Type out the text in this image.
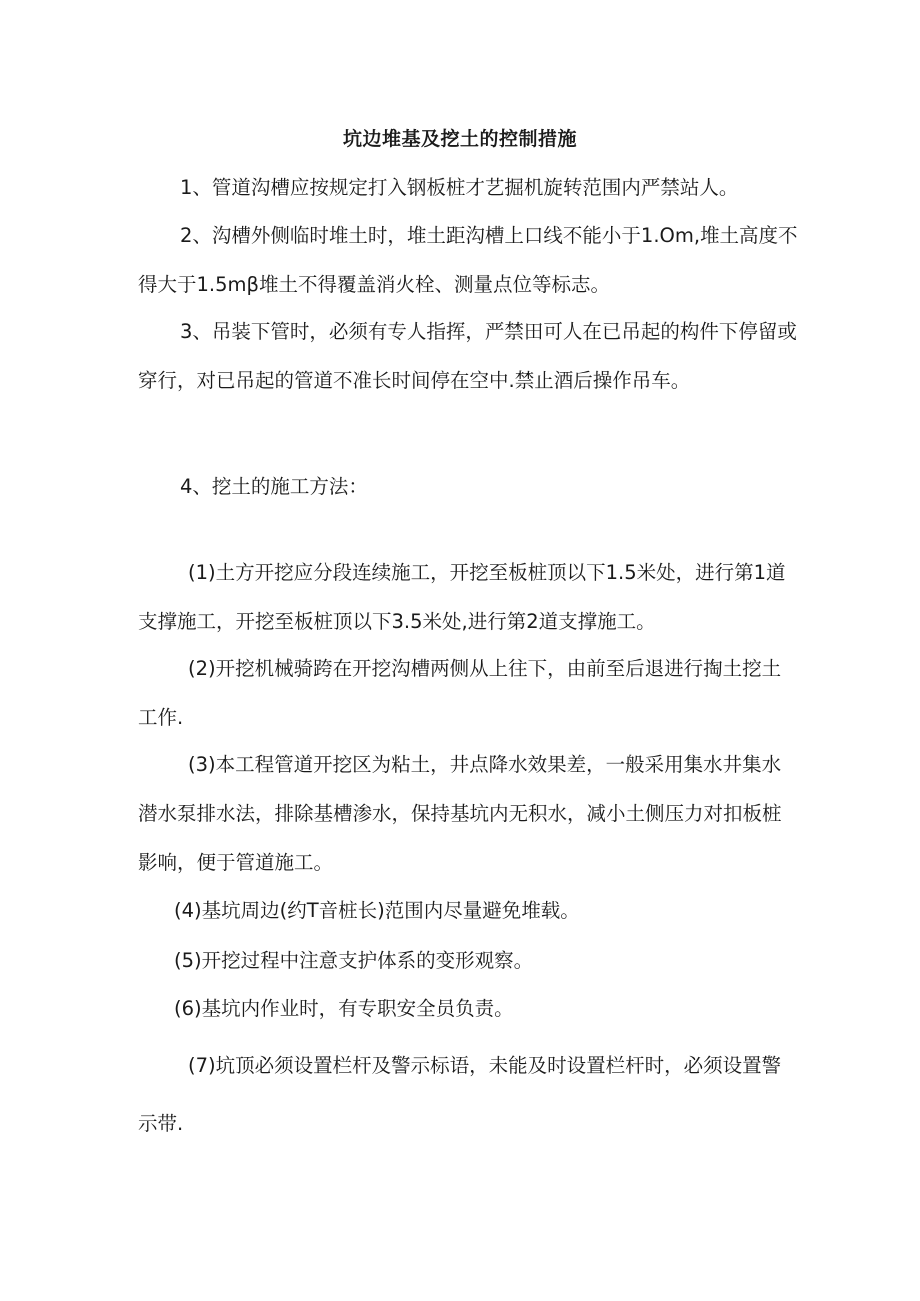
坑边堆基及挖土的控制措施

1、管道沟槽应按规定打入钢板桩才艺掘机旋转范围内严禁站人。

2、沟槽外侧临时堆土时，堆土距沟槽上口线不能小于1.Om,堆土高度不得大于1.5mβ堆土不得覆盖消火栓、测量点位等标志。

3、吊装下管时，必须有专人指挥，严禁田可人在已吊起的构件下停留或穿行，对已吊起的管道不准长时间停在空中.禁止酒后操作吊车。

4、挖土的施工方法：

(1)土方开挖应分段连续施工，开挖至板桩顶以下1.5米处，进行第1道支撑施工，开挖至板桩顶以下3.5米处,进行第2道支撑施工。

(2)开挖机械骑跨在开挖沟槽两侧从上往下，由前至后退进行掏土挖土工作.

(3)本工程管道开挖区为粘土，井点降水效果差，一般采用集水井集水潜水泵排水法，排除基槽渗水，保持基坑内无积水，减小土侧压力对扣板桩影响，便于管道施工。

(4)基坑周边(约T音桩长)范围内尽量避免堆载。

(5)开挖过程中注意支护体系的变形观察。

(6)基坑内作业时，有专职安全员负责。

(7)坑顶必须设置栏杆及警示标语，未能及时设置栏杆时，必须设置警示带.
